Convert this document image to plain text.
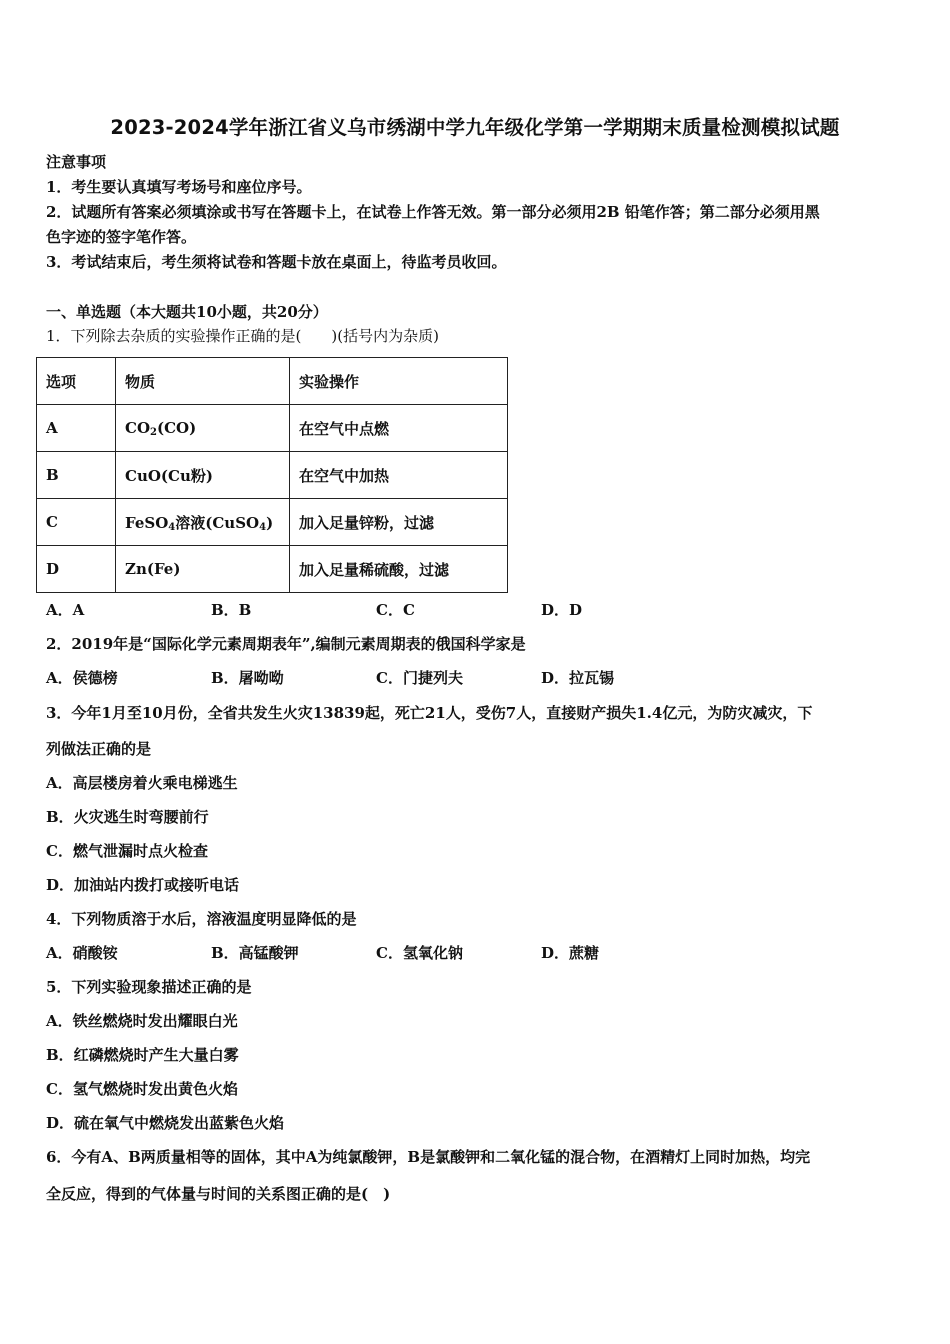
2023-2024学年浙江省义乌市绣湖中学九年级化学第一学期期末质量检测模拟试题
注意事项
1．考生要认真填写考场号和座位序号。
2．试题所有答案必须填涂或书写在答题卡上，在试卷上作答无效。第一部分必须用2B 铅笔作答；第二部分必须用黑
色字迹的签字笔作答。
3．考试结束后，考生须将试卷和答题卡放在桌面上，待监考员收回。
一、单选题（本大题共10小题，共20分）
1．下列除去杂质的实验操作正确的是(　　)(括号内为杂质)
选项	物质	实验操作
A	$CO_2(CO)$	在空气中点燃
B	CuO(Cu粉)	在空气中加热
C	FeSO$_4$溶液(CuSO$_4$)	加入足量锌粉，过滤
D	Zn(Fe)	加入足量稀硫酸，过滤
A．A	B．B	C．C	D．D
2．2019年是“国际化学元素周期表年”,编制元素周期表的俄国科学家是
A．侯德榜	B．屠呦呦	C．门捷列夫	D．拉瓦锡
3．今年1月至10月份，全省共发生火灾13839起，死亡21人，受伤7人，直接财产损失1.4亿元，为防灾减灾，下
列做法正确的是
A．高层楼房着火乘电梯逃生
B．火灾逃生时弯腰前行
C．燃气泄漏时点火检查
D．加油站内拨打或接听电话
4．下列物质溶于水后，溶液温度明显降低的是
A．硝酸铵	B．高锰酸钾	C．氢氧化钠	D．蔗糖
5．下列实验现象描述正确的是
A．铁丝燃烧时发出耀眼白光
B．红磷燃烧时产生大量白雾
C．氢气燃烧时发出黄色火焰
D．硫在氧气中燃烧发出蓝紫色火焰
6．今有A、B两质量相等的固体，其中A为纯氯酸钾，B是氯酸钾和二氧化锰的混合物，在酒精灯上同时加热，均完
全反应，得到的气体量与时间的关系图正确的是(　)
